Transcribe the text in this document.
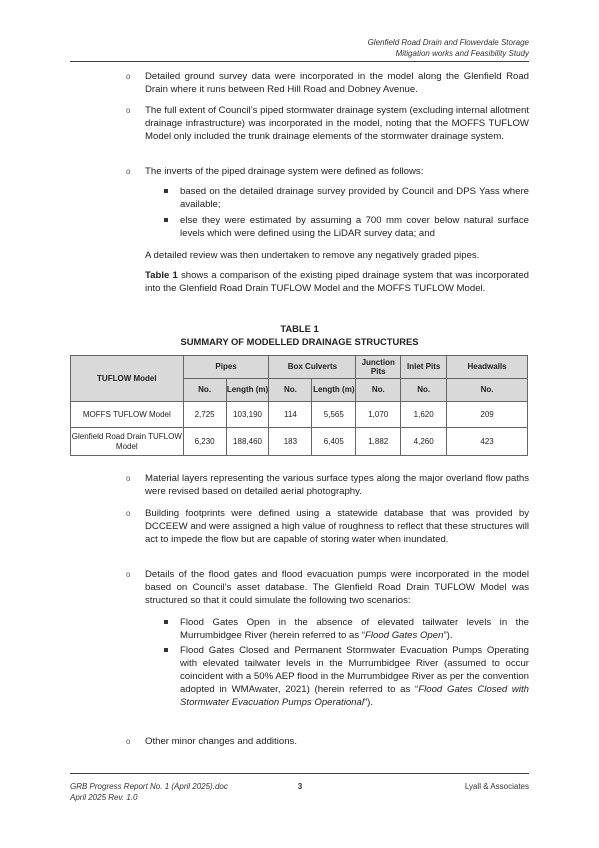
Glenfield Road Drain and Flowerdale Storage
Mitigation works and Feasibility Study
o Detailed ground survey data were incorporated in the model along the Glenfield Road Drain where it runs between Red Hill Road and Dobney Avenue.
o The full extent of Council’s piped stormwater drainage system (excluding internal allotment drainage infrastructure) was incorporated in the model, noting that the MOFFS TUFLOW Model only included the trunk drainage elements of the stormwater drainage system.
o The inverts of the piped drainage system were defined as follows:
based on the detailed drainage survey provided by Council and DPS Yass where available;
else they were estimated by assuming a 700 mm cover below natural surface levels which were defined using the LiDAR survey data; and
A detailed review was then undertaken to remove any negatively graded pipes.
Table 1 shows a comparison of the existing piped drainage system that was incorporated into the Glenfield Road Drain TUFLOW Model and the MOFFS TUFLOW Model.
TABLE 1
SUMMARY OF MODELLED DRAINAGE STRUCTURES
TUFLOW Model	Pipes		Box Culverts		Junction Pits	Inlet Pits	Headwalls
	No.	Length (m)	No.	Length (m)	No.	No.	No.
MOFFS TUFLOW Model	2,725	103,190	114	5,565	1,070	1,620	209
Glenfield Road Drain TUFLOW Model	6,230	188,460	183	6,405	1,882	4,260	423
o Material layers representing the various surface types along the major overland flow paths were revised based on detailed aerial photography.
o Building footprints were defined using a statewide database that was provided by DCCEEW and were assigned a high value of roughness to reflect that these structures will act to impede the flow but are capable of storing water when inundated.
o Details of the flood gates and flood evacuation pumps were incorporated in the model based on Council’s asset database. The Glenfield Road Drain TUFLOW Model was structured so that it could simulate the following two scenarios:
Flood Gates Open in the absence of elevated tailwater levels in the Murrumbidgee River (herein referred to as “Flood Gates Open”).
Flood Gates Closed and Permanent Stormwater Evacuation Pumps Operating with elevated tailwater levels in the Murrumbidgee River (assumed to occur coincident with a 50% AEP flood in the Murrumbidgee River as per the convention adopted in WMAwater, 2021) (herein referred to as “Flood Gates Closed with Stormwater Evacuation Pumps Operational”).
o Other minor changes and additions.
GRB Progress Report No. 1 (April 2025).doc
April 2025 Rev. 1.0
3	Lyall & Associates
